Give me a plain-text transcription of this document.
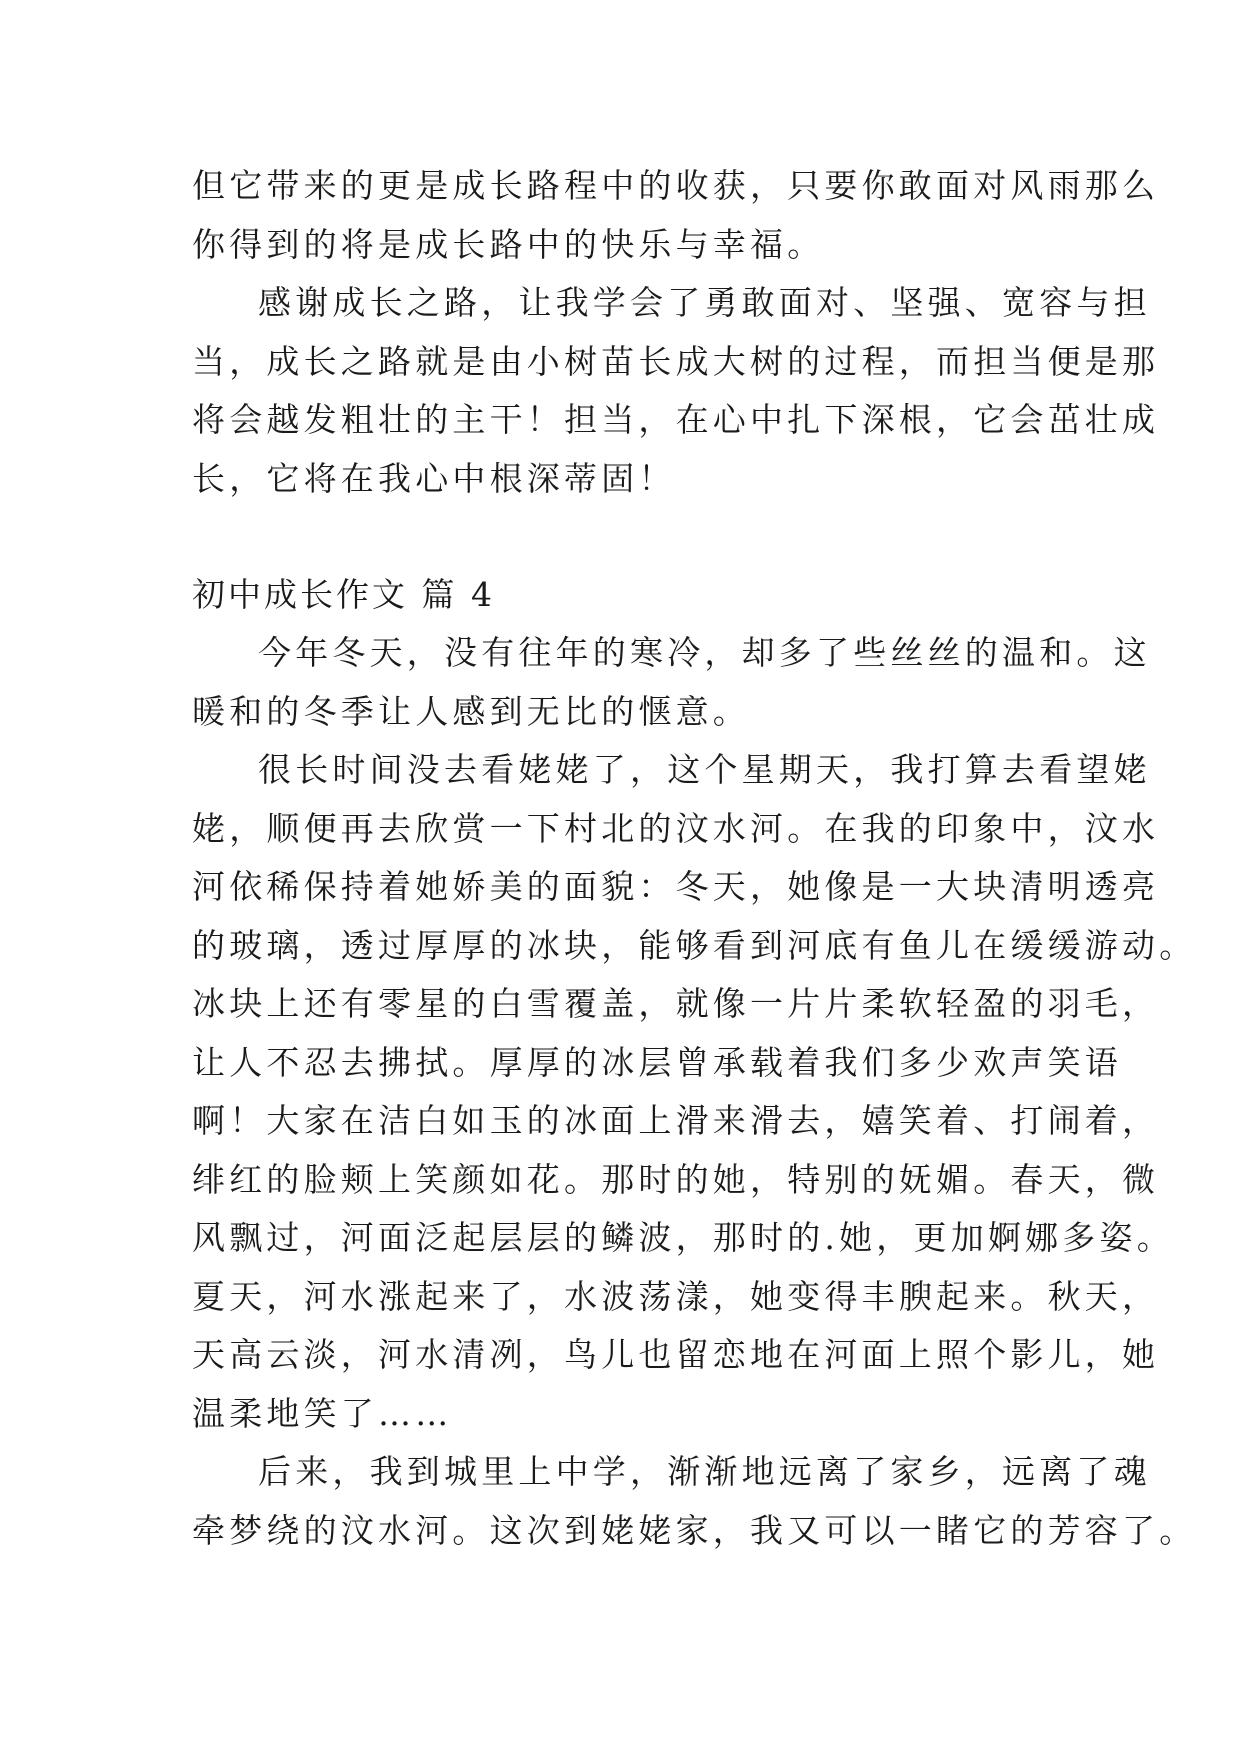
但它带来的更是成长路程中的收获，只要你敢面对风雨那么
你得到的将是成长路中的快乐与幸福。
感谢成长之路，让我学会了勇敢面对、坚强、宽容与担
当，成长之路就是由小树苗长成大树的过程，而担当便是那
将会越发粗壮的主干！担当，在心中扎下深根，它会茁壮成
长，它将在我心中根深蒂固！
初中成长作文 篇 4
今年冬天，没有往年的寒冷，却多了些丝丝的温和。这
暖和的冬季让人感到无比的惬意。
很长时间没去看姥姥了，这个星期天，我打算去看望姥
姥，顺便再去欣赏一下村北的汶水河。在我的印象中，汶水
河依稀保持着她娇美的面貌：冬天，她像是一大块清明透亮
的玻璃，透过厚厚的冰块，能够看到河底有鱼儿在缓缓游动。
冰块上还有零星的白雪覆盖，就像一片片柔软轻盈的羽毛，
让人不忍去拂拭。厚厚的冰层曾承载着我们多少欢声笑语
啊！大家在洁白如玉的冰面上滑来滑去，嬉笑着、打闹着，
绯红的脸颊上笑颜如花。那时的她，特别的妩媚。春天，微
风飘过，河面泛起层层的鳞波，那时的.她，更加婀娜多姿。
夏天，河水涨起来了，水波荡漾，她变得丰腴起来。秋天，
天高云淡，河水清冽，鸟儿也留恋地在河面上照个影儿，她
温柔地笑了……
后来，我到城里上中学，渐渐地远离了家乡，远离了魂
牵梦绕的汶水河。这次到姥姥家，我又可以一睹它的芳容了。
